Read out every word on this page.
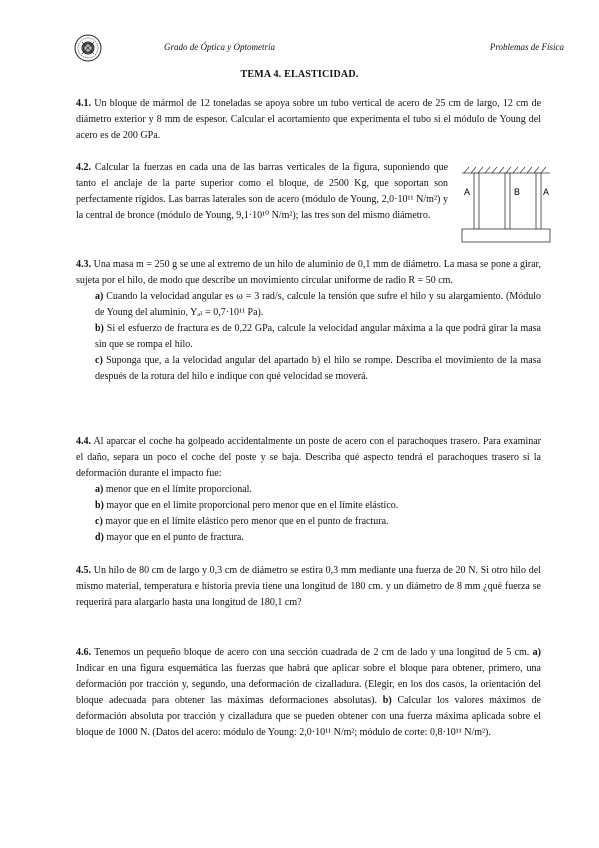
Grado de Óptica y Optometría	Problemas de Física
TEMA 4. ELASTICIDAD.

4.1. Un bloque de mármol de 12 toneladas se apoya sobre un tubo vertical de acero de 25 cm de largo, 12 cm de diámetro exterior y 8 mm de espesor. Calcular el acortamiento que experimenta el tubo si el módulo de Young del acero es de 200 GPa.

4.2. Calcular la fuerzas en cada una de las barras verticales de la figura, suponiendo que tanto el anclaje de la parte superior como el bloque, de 2500 Kg, que soportan son perfectamente rígidos. Las barras laterales son de acero (módulo de Young, 2,0·10¹¹ N/m²) y la central de bronce (módulo de Young, 9,1·10¹⁰ N/m²); las tres son del mismo diámetro.

A	B	A

4.3. Una masa m = 250 g se une al extremo de un hilo de aluminio de 0,1 mm de diámetro. La masa se pone a girar, sujeta por el hilo, de modo que describe un movimiento circular uniforme de radio R = 50 cm.

a) Cuando la velocidad angular es ω = 3 rad/s, calcule la tensión que sufre el hilo y su alargamiento. (Módulo de Young del aluminio, Yₐₗ = 0,7·10¹¹ Pa).

b) Si el esfuerzo de fractura es de 0,22 GPa, calcule la velocidad angular máxima a la que podrá girar la masa sin que se rompa el hilo.

c) Suponga que, a la velocidad angular del apartado b) el hilo se rompe. Describa el movimiento de la masa después de la rotura del hilo e indique con qué velocidad se moverá.

4.4. Al aparcar el coche ha golpeado accidentalmente un poste de acero con el parachoques trasero. Para examinar el daño, separa un poco el coche del poste y se baja. Describa qué aspecto tendrá el parachoques trasero si la deformación durante el impacto fue:

a) menor que en el límite proporcional.

b) mayor que en el límite proporcional pero menor que en el límite elástico.

c) mayor que en el límite elástico pero menor que en el punto de fractura.

d) mayor que en el punto de fractura.

4.5. Un hilo de 80 cm de largo y 0,3 cm de diámetro se estira 0,3 mm mediante una fuerza de 20 N. Si otro hilo del mismo material, temperatura e historia previa tiene una longitud de 180 cm. y un diámetro de 8 mm ¿qué fuerza se requerirá para alargarlo hasta una longitud de 180,1 cm?

4.6. Tenemos un pequeño bloque de acero con una sección cuadrada de 2 cm de lado y una longitud de 5 cm. a) Indicar en una figura esquemática las fuerzas que habrá que aplicar sobre el bloque para obtener, primero, una deformación por tracción y, segundo, una deformación de cizalladura. (Elegir, en los dos casos, la orientación del bloque adecuada para obtener las máximas deformaciones absolutas). b) Calcular los valores máximos de deformación absoluta por tracción y cizalladura que se pueden obtener con una fuerza máxima aplicada sobre el bloque de 1000 N. (Datos del acero: módulo de Young: 2,0·10¹¹ N/m²; módulo de corte: 0,8·10¹¹ N/m²).
